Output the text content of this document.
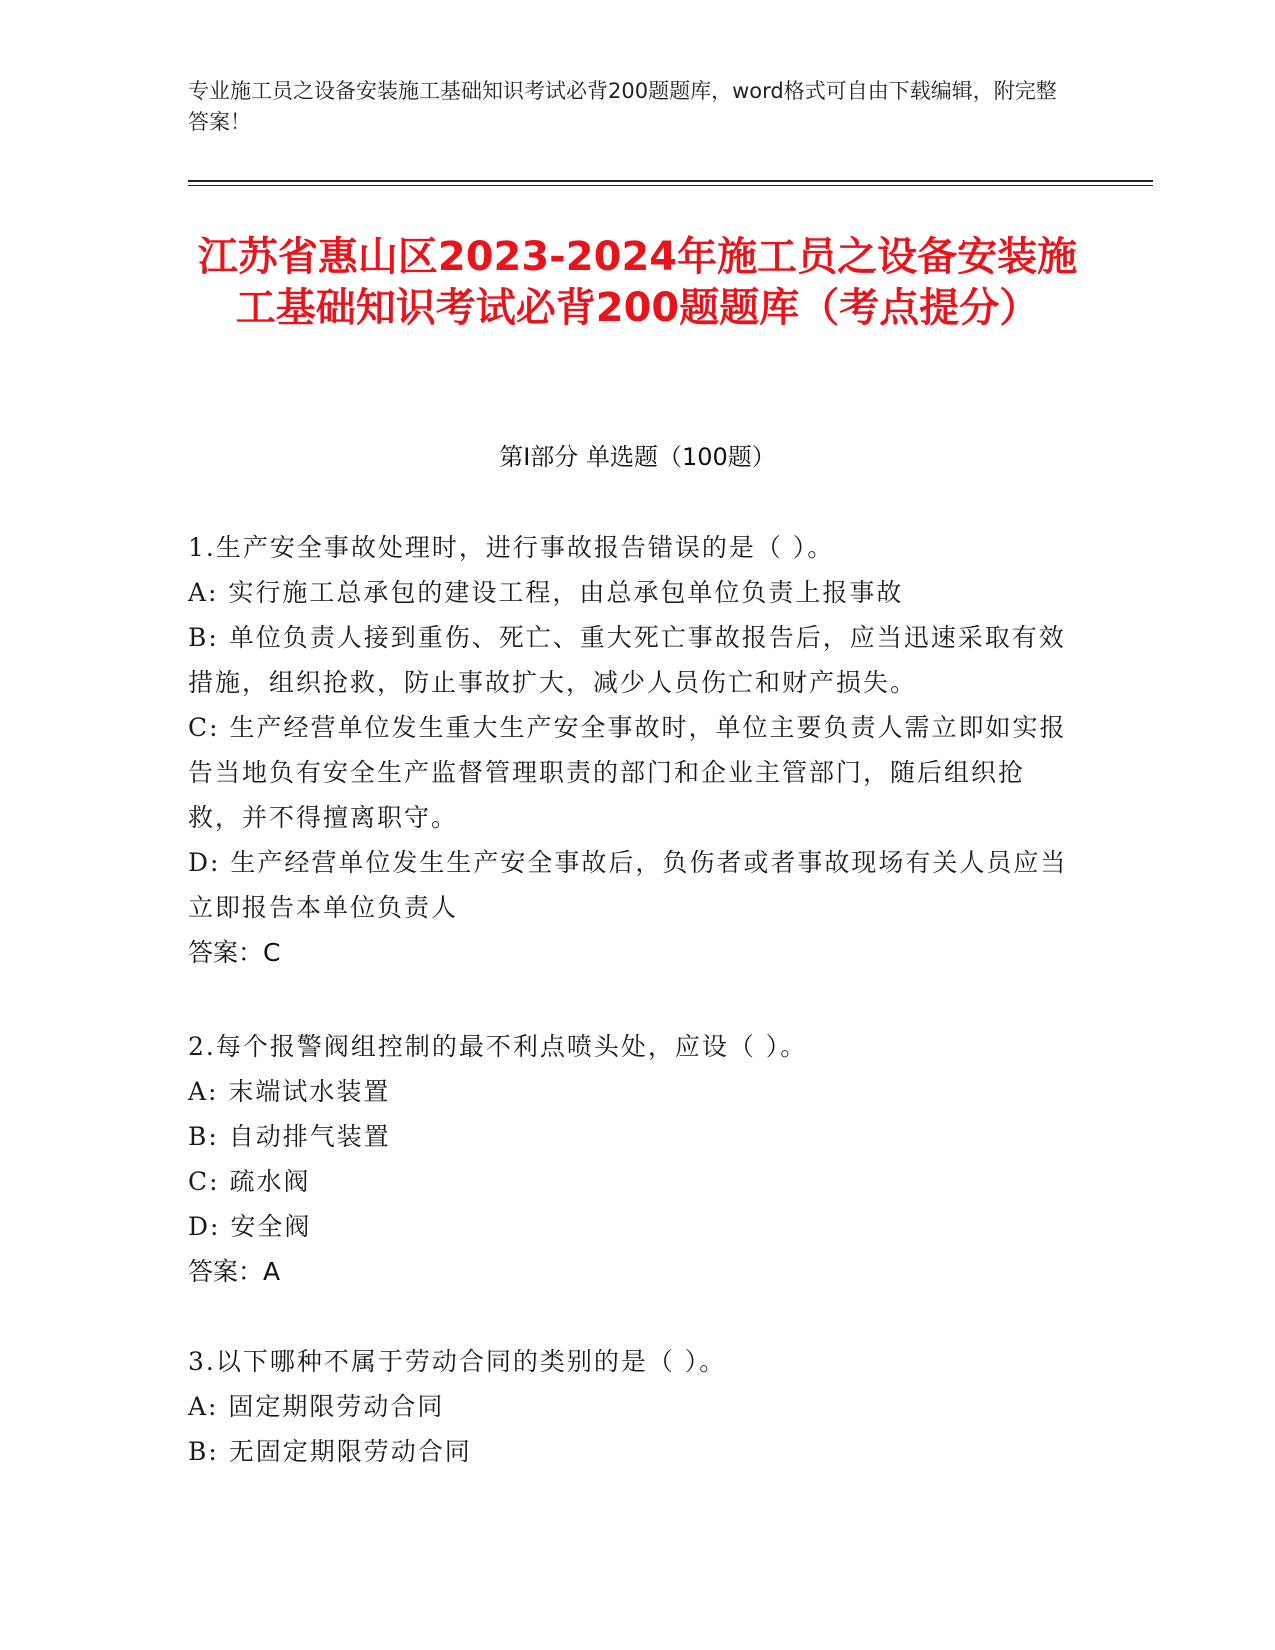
专业施工员之设备安装施工基础知识考试必背200题题库，word格式可自由下载编辑，附完整答案！
江苏省惠山区2023-2024年施工员之设备安装施工基础知识考试必背200题题库（考点提分）
第Ⅰ部分 单选题（100题）
1.生产安全事故处理时，进行事故报告错误的是（ ）。
A: 实行施工总承包的建设工程，由总承包单位负责上报事故
B: 单位负责人接到重伤、死亡、重大死亡事故报告后，应当迅速采取有效措施，组织抢救，防止事故扩大，减少人员伤亡和财产损失。
C: 生产经营单位发生重大生产安全事故时，单位主要负责人需立即如实报告当地负有安全生产监督管理职责的部门和企业主管部门，随后组织抢救，并不得擅离职守。
D: 生产经营单位发生生产安全事故后，负伤者或者事故现场有关人员应当立即报告本单位负责人
答案：C
2.每个报警阀组控制的最不利点喷头处，应设（ ）。
A: 末端试水装置
B: 自动排气装置
C: 疏水阀
D: 安全阀
答案：A
3.以下哪种不属于劳动合同的类别的是（ ）。
A: 固定期限劳动合同
B: 无固定期限劳动合同
